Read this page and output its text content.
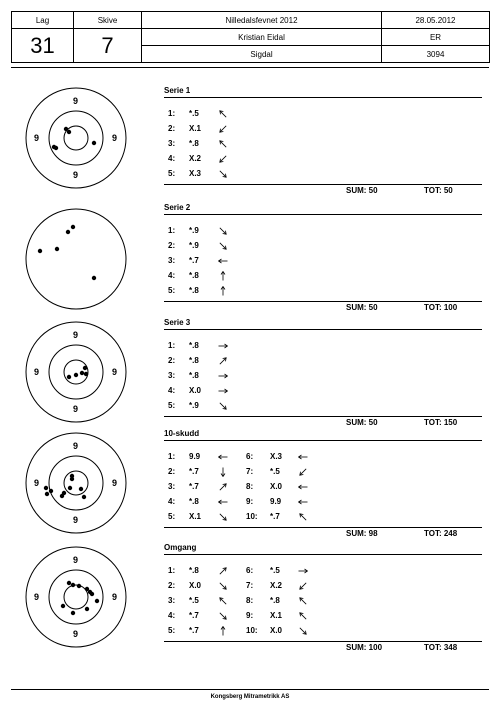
Lag	Skive	Nilledalsfevnet 2012	28.05.2012
31	7	Kristian Eidal	ER
		Sigdal	3094
9
9
9	9
Serie 1
1: *.5
2: X.1
3: *.8
4: X.2
5: X.3
SUM: 50	TOT: 50
Serie 2
1: *.9
2: *.9
3: *.7
4: *.8
5: *.8
SUM: 50	TOT: 100
9
9
9	9
Serie 3
1: *.8
2: *.8
3: *.8
4: X.0
5: *.9
SUM: 50	TOT: 150
9
9
9	9
10-skudd
1: 9.9
2: *.7
3: *.7
4: *.8
5: X.1
6: X.3
7: *.5
8: X.0
9: 9.9
10: *.7
SUM: 98	TOT: 248
9
9
9	9
Omgang
1: *.8
2: X.0
3: *.5
4: *.7
5: *.7
6: *.5
7: X.2
8: *.8
9: X.1
10: X.0
SUM: 100	TOT: 348
Kongsberg Mitrametrikk AS
